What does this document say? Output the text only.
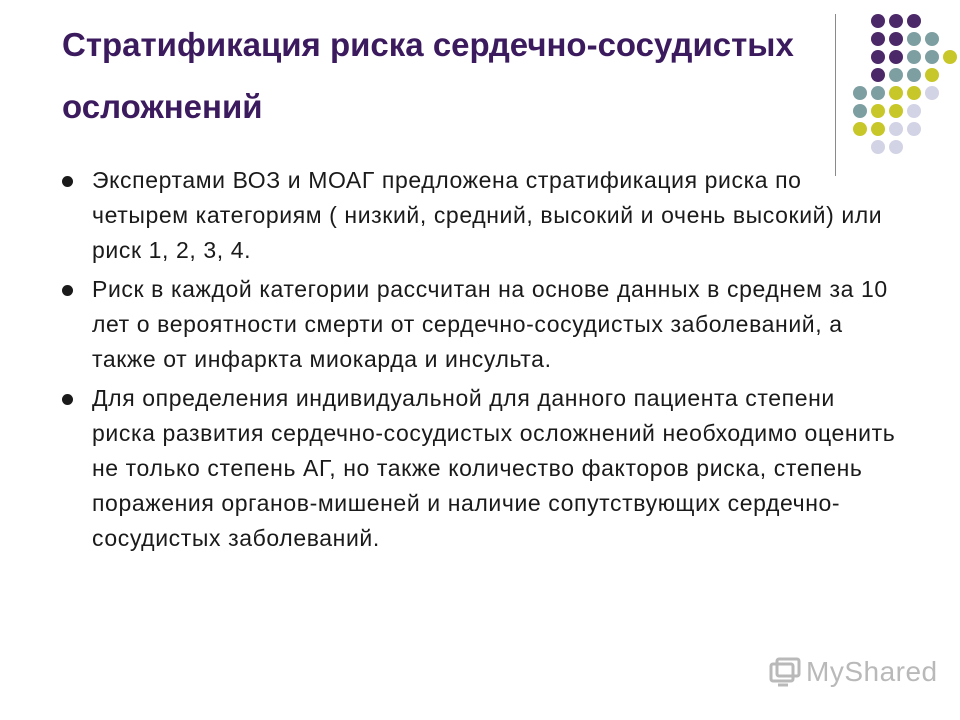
Стратификация риска сердечно-сосудистых осложнений
Экспертами ВОЗ и МОАГ предложена стратификация риска по четырем категориям ( низкий, средний, высокий и очень высокий) или риск 1, 2, 3, 4.
Риск в каждой категории рассчитан на основе данных в среднем за 10 лет о вероятности смерти от сердечно-сосудистых заболеваний, а также от инфаркта миокарда и инсульта.
Для определения индивидуальной для данного пациента степени риска развития сердечно-сосудистых осложнений необходимо оценить не только степень АГ, но также количество факторов риска, степень поражения органов-мишеней и наличие сопутствующих сердечно-сосудистых заболеваний.
MyShared
